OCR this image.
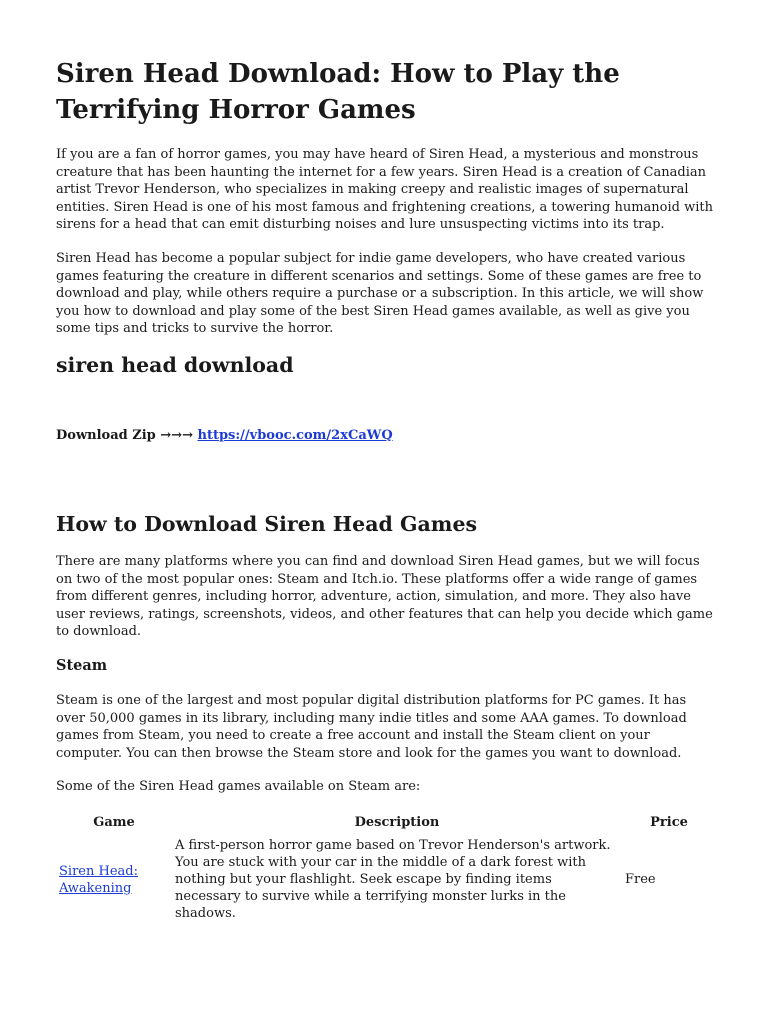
Siren Head Download: How to Play the Terrifying Horror Games

If you are a fan of horror games, you may have heard of Siren Head, a mysterious and monstrous creature that has been haunting the internet for a few years. Siren Head is a creation of Canadian artist Trevor Henderson, who specializes in making creepy and realistic images of supernatural entities. Siren Head is one of his most famous and frightening creations, a towering humanoid with sirens for a head that can emit disturbing noises and lure unsuspecting victims into its trap.

Siren Head has become a popular subject for indie game developers, who have created various games featuring the creature in different scenarios and settings. Some of these games are free to download and play, while others require a purchase or a subscription. In this article, we will show you how to download and play some of the best Siren Head games available, as well as give you some tips and tricks to survive the horror.

siren head download
Download Zip →→→ https://vbooc.com/2xCaWQ
How to Download Siren Head Games

There are many platforms where you can find and download Siren Head games, but we will focus on two of the most popular ones: Steam and Itch.io. These platforms offer a wide range of games from different genres, including horror, adventure, action, simulation, and more. They also have user reviews, ratings, screenshots, videos, and other features that can help you decide which game to download.

Steam

Steam is one of the largest and most popular digital distribution platforms for PC games. It has over 50,000 games in its library, including many indie titles and some AAA games. To download games from Steam, you need to create a free account and install the Steam client on your computer. You can then browse the Steam store and look for the games you want to download.

Some of the Siren Head games available on Steam are:

Game	Description	Price
Siren Head: Awakening	A first-person horror game based on Trevor Henderson's artwork. You are stuck with your car in the middle of a dark forest with nothing but your flashlight. Seek escape by finding items necessary to survive while a terrifying monster lurks in the shadows.	Free
